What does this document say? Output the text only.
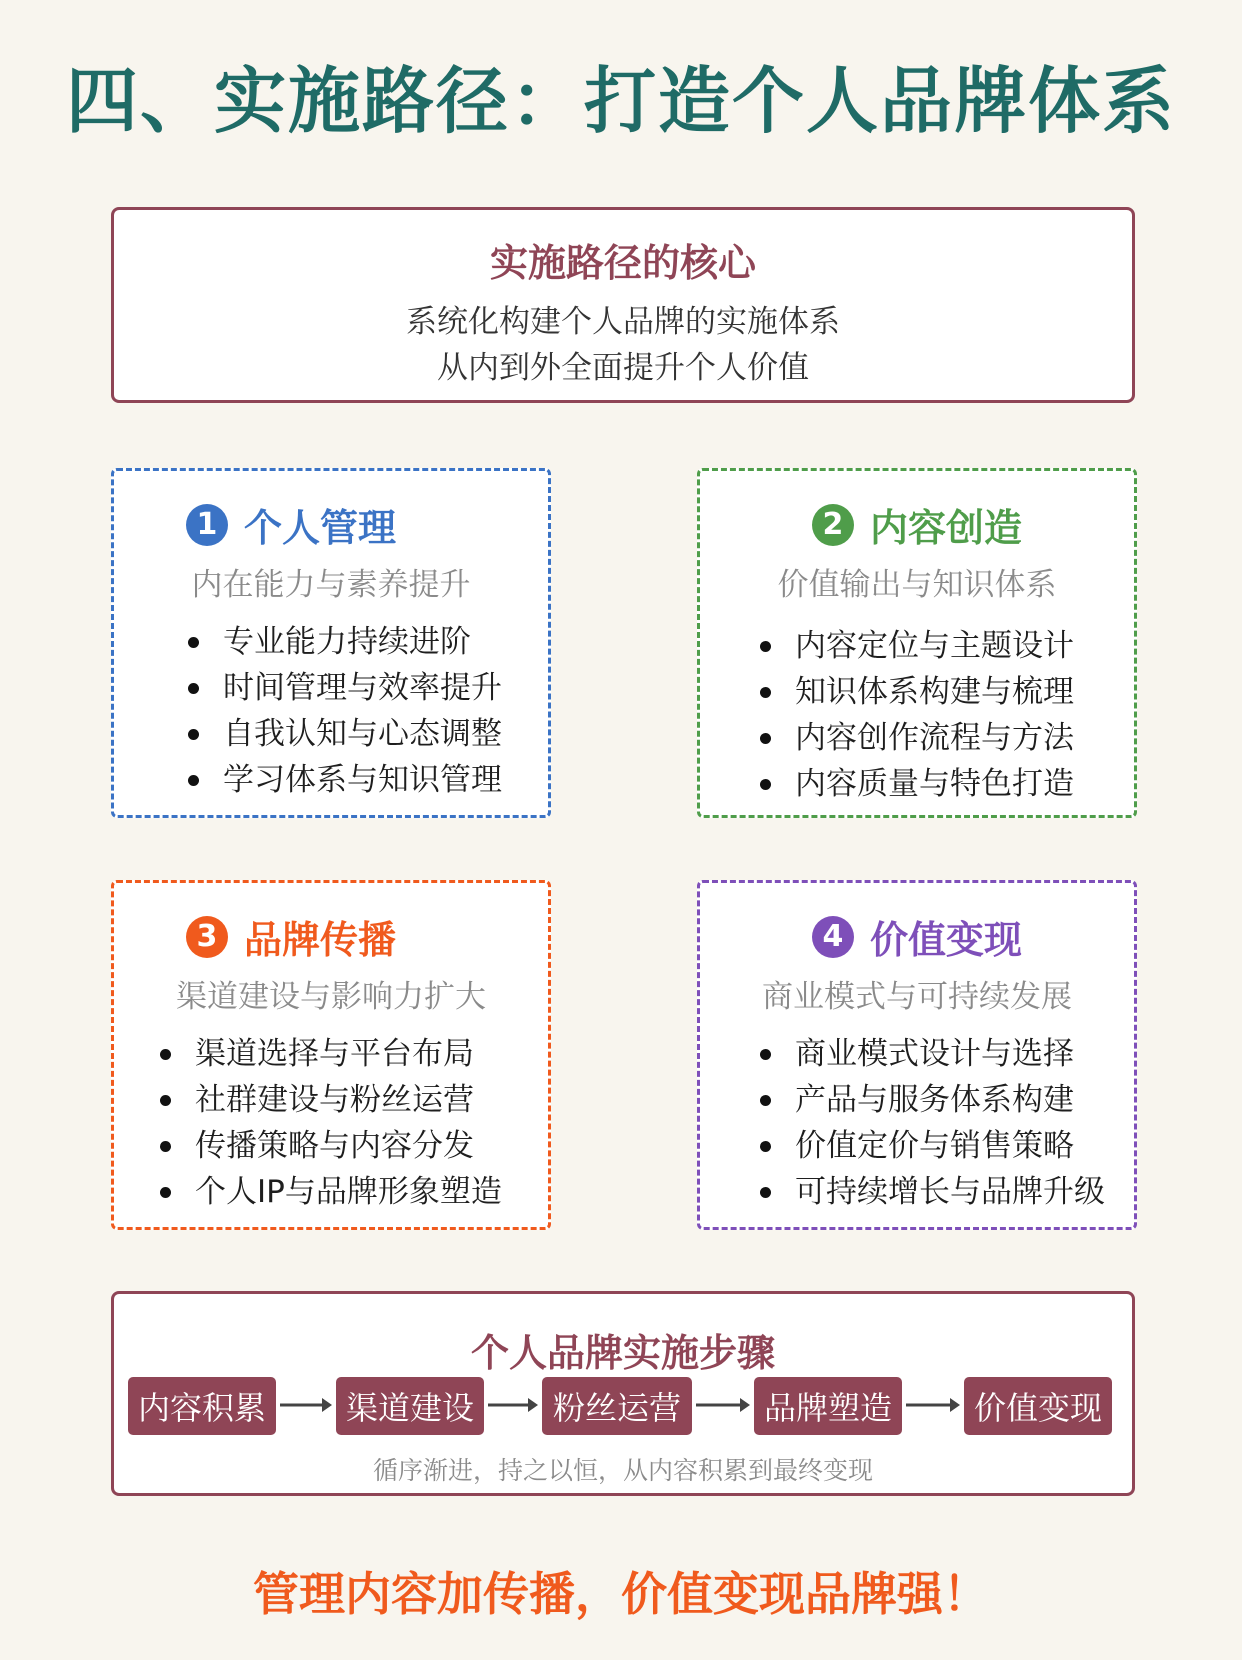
四、实施路径：打造个人品牌体系
实施路径的核心
系统化构建个人品牌的实施体系
从内到外全面提升个人价值
1 个人管理
内在能力与素养提升
专业能力持续进阶
时间管理与效率提升
自我认知与心态调整
学习体系与知识管理
2 内容创造
价值输出与知识体系
内容定位与主题设计
知识体系构建与梳理
内容创作流程与方法
内容质量与特色打造
3 品牌传播
渠道建设与影响力扩大
渠道选择与平台布局
社群建设与粉丝运营
传播策略与内容分发
个人IP与品牌形象塑造
4 价值变现
商业模式与可持续发展
商业模式设计与选择
产品与服务体系构建
价值定价与销售策略
可持续增长与品牌升级
个人品牌实施步骤
内容积累	渠道建设	粉丝运营	品牌塑造	价值变现
循序渐进，持之以恒，从内容积累到最终变现
管理内容加传播，价值变现品牌强！
